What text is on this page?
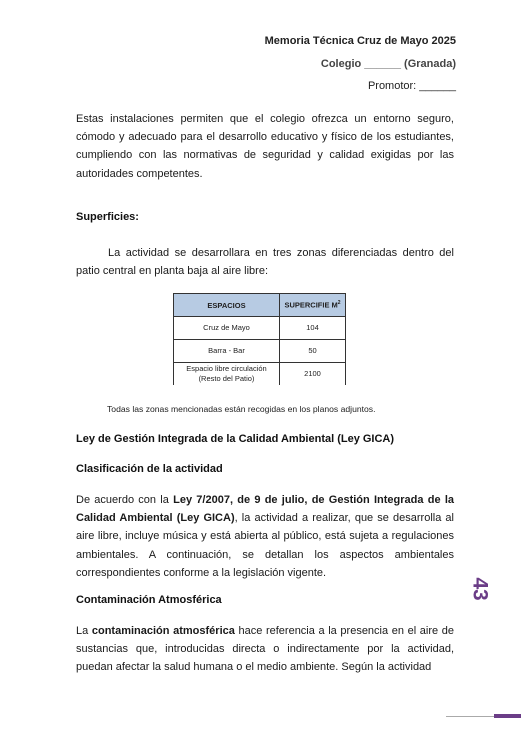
Memoria Técnica Cruz de Mayo 2025
Colegio ______ (Granada)
Promotor: ______
Estas instalaciones permiten que el colegio ofrezca un entorno seguro, cómodo y adecuado para el desarrollo educativo y físico de los estudiantes, cumpliendo con las normativas de seguridad y calidad exigidas por las autoridades competentes.
Superficies:
La actividad se desarrollara en tres zonas diferenciadas dentro del patio central en planta baja al aire libre:
ESPACIOS	SUPERCIFIE $M^2$
Cruz de Mayo	104
Barra - Bar	50
Espacio libre circulación
(Resto del Patio)	2100
Todas las zonas mencionadas están recogidas en los planos adjuntos.
Ley de Gestión Integrada de la Calidad Ambiental (Ley GICA)
Clasificación de la actividad
De acuerdo con la Ley 7/2007, de 9 de julio, de Gestión Integrada de la Calidad Ambiental (Ley GICA), la actividad a realizar, que se desarrolla al aire libre, incluye música y está abierta al público, está sujeta a regulaciones ambientales. A continuación, se detallan los aspectos ambientales correspondientes conforme a la legislación vigente.
Contaminación Atmosférica
La contaminación atmosférica hace referencia a la presencia en el aire de sustancias que, introducidas directa o indirectamente por la actividad, puedan afectar la salud humana o el medio ambiente. Según la actividad
43
